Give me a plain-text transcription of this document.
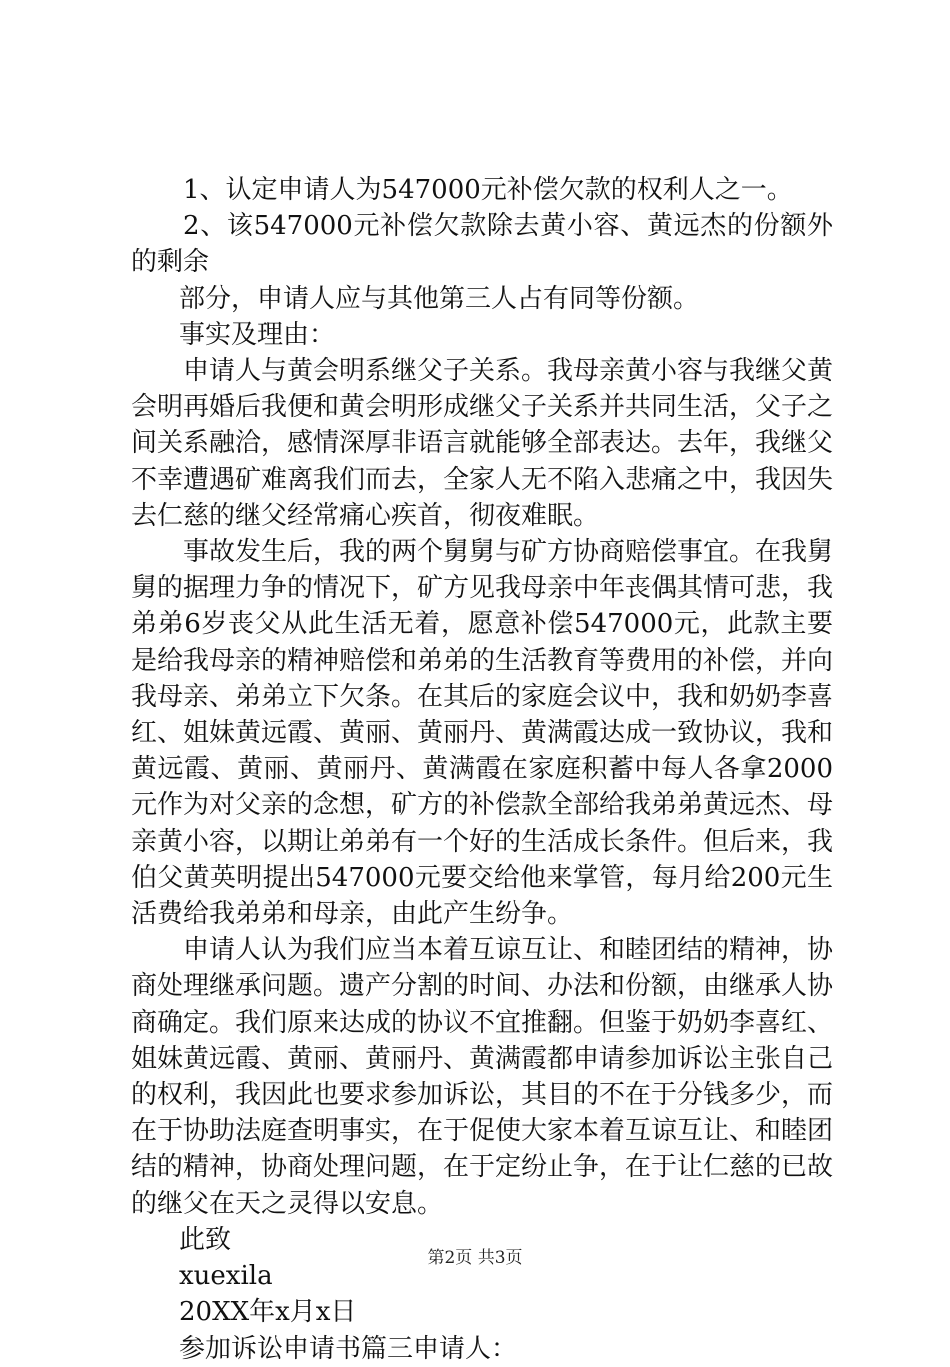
1、认定申请人为547000元补偿欠款的权利人之一。

2、该547000元补偿欠款除去黄小容、黄远杰的份额外的剩余

部分，申请人应与其他第三人占有同等份额。

事实及理由：

申请人与黄会明系继父子关系。我母亲黄小容与我继父黄会明再婚后我便和黄会明形成继父子关系并共同生活，父子之间关系融洽，感情深厚非语言就能够全部表达。去年，我继父不幸遭遇矿难离我们而去，全家人无不陷入悲痛之中，我因失去仁慈的继父经常痛心疾首，彻夜难眠。

事故发生后，我的两个舅舅与矿方协商赔偿事宜。在我舅舅的据理力争的情况下，矿方见我母亲中年丧偶其情可悲，我弟弟6岁丧父从此生活无着，愿意补偿547000元，此款主要是给我母亲的精神赔偿和弟弟的生活教育等费用的补偿，并向我母亲、弟弟立下欠条。在其后的家庭会议中，我和奶奶李喜红、姐妹黄远霞、黄丽、黄丽丹、黄满霞达成一致协议，我和黄远霞、黄丽、黄丽丹、黄满霞在家庭积蓄中每人各拿2000元作为对父亲的念想，矿方的补偿款全部给我弟弟黄远杰、母亲黄小容，以期让弟弟有一个好的生活成长条件。但后来，我伯父黄英明提出547000元要交给他来掌管，每月给200元生活费给我弟弟和母亲，由此产生纷争。

申请人认为我们应当本着互谅互让、和睦团结的精神，协商处理继承问题。遗产分割的时间、办法和份额，由继承人协商确定。我们原来达成的协议不宜推翻。但鉴于奶奶李喜红、姐妹黄远霞、黄丽、黄丽丹、黄满霞都申请参加诉讼主张自己的权利，我因此也要求参加诉讼，其目的不在于分钱多少，而在于协助法庭查明事实，在于促使大家本着互谅互让、和睦团结的精神，协商处理问题，在于定纷止争，在于让仁慈的已故的继父在天之灵得以安息。

此致

xuexila

20XX年x月x日

参加诉讼申请书篇三申请人：

第2页 共3页
